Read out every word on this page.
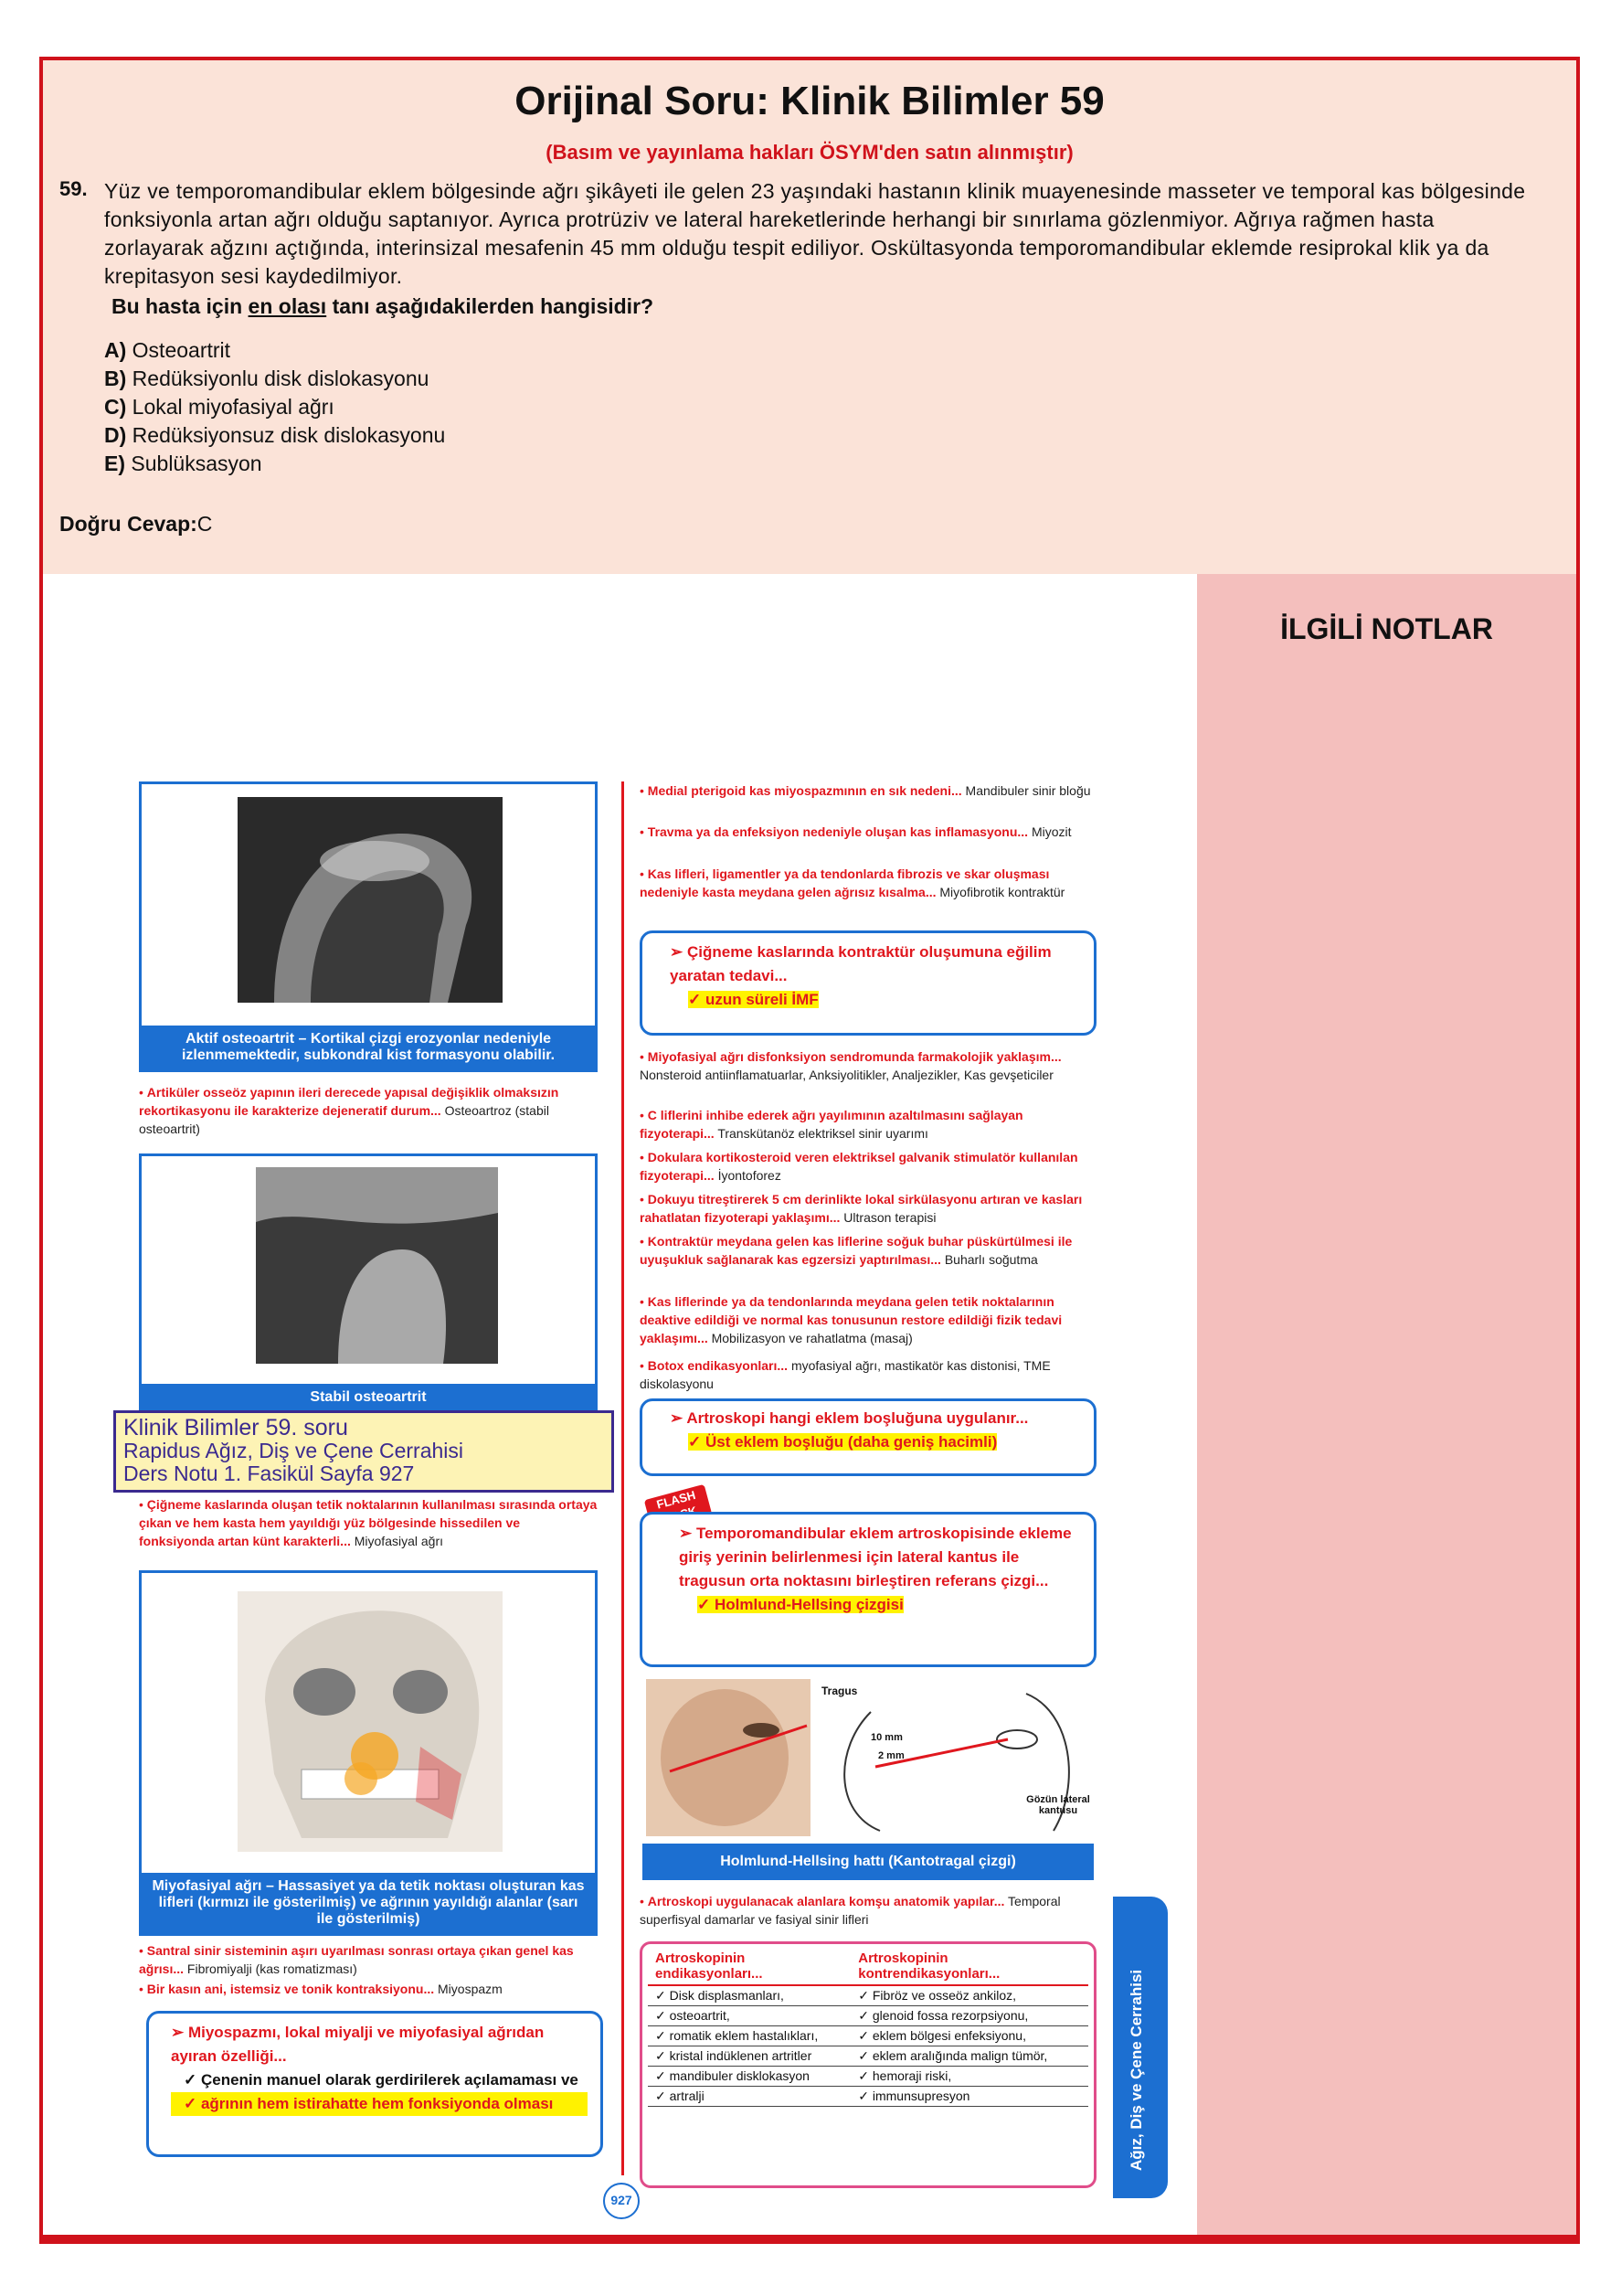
Orijinal Soru: Klinik Bilimler 59
(Basım ve yayınlama hakları ÖSYM'den satın alınmıştır)
59. Yüz ve temporomandibular eklem bölgesinde ağrı şikâyeti ile gelen 23 yaşındaki hastanın klinik muayenesinde masseter ve temporal kas bölgesinde fonksiyonla artan ağrı olduğu saptanıyor. Ayrıca protrüziv ve lateral hareketlerinde herhangi bir sınırlama gözlenmiyor. Ağrıya rağmen hasta zorlayarak ağzını açtığında, interinsizal mesafenin 45 mm olduğu tespit ediliyor. Oskültasyonda temporomandibular eklemde resiprokal klik ya da krepitasyon sesi kaydedilmiyor.
Bu hasta için en olası tanı aşağıdakilerden hangisidir?
A) Osteoartrit
B) Redüksiyonlu disk dislokasyonu
C) Lokal miyofasiyal ağrı
D) Redüksiyonsuz disk dislokasyonu
E) Sublüksasyon
Doğru Cevap:C
İLGİLİ NOTLAR
Aktif osteoartrit – Kortikal çizgi erozyonlar nedeniyle izlenmemektedir, subkondral kist formasyonu olabilir.
• Artiküler osseöz yapının ileri derecede yapısal değişiklik olmaksızın rekortikasyonu ile karakterize dejeneratif durum... Osteoartroz (stabil osteoartrit)
Stabil osteoartrit
Klinik Bilimler 59. soru
Rapidus Ağız, Diş ve Çene Cerrahisi
Ders Notu 1. Fasikül Sayfa 927
• Çiğneme kaslarında oluşan tetik noktalarının kullanılması sırasında ortaya çıkan ve hem kasta hem yayıldığı yüz bölgesinde hissedilen ve fonksiyonda artan künt karakterli... Miyofasiyal ağrı
Miyofasiyal ağrı – Hassasiyet ya da tetik noktası oluşturan kas lifleri (kırmızı ile gösterilmiş) ve ağrının yayıldığı alanlar (sarı ile gösterilmiş)
• Santral sinir sisteminin aşırı uyarılması sonrası ortaya çıkan genel kas ağrısı... Fibromiyalji (kas romatizması)
• Bir kasın ani, istemsiz ve tonik kontraksiyonu... Miyospazm
➢ Miyospazmı, lokal miyalji ve miyofasiyal ağrıdan ayıran özelliği...
✓ Çenenin manuel olarak gerdirilerek açılamaması ve
✓ ağrının hem istirahatte hem fonksiyonda olması
• Medial pterigoid kas miyospazmının en sık nedeni... Mandibuler sinir bloğu
• Travma ya da enfeksiyon nedeniyle oluşan kas inflamasyonu... Miyozit
• Kas lifleri, ligamentler ya da tendonlarda fibrozis ve skar oluşması nedeniyle kasta meydana gelen ağrısız kısalma... Miyofibrotik kontraktür
➢ Çiğneme kaslarında kontraktür oluşumuna eğilim yaratan tedavi...
✓ uzun süreli İMF
• Miyofasiyal ağrı disfonksiyon sendromunda farmakolojik yaklaşım... Nonsteroid antiinflamatuarlar, Anksiyolitikler, Analjezikler, Kas gevşeticiler
• C liflerini inhibe ederek ağrı yayılımının azaltılmasını sağlayan fizyoterapi... Transkütanöz elektriksel sinir uyarımı
• Dokulara kortikosteroid veren elektriksel galvanik stimulatör kullanılan fizyoterapi... İyontoforez
• Dokuyu titreştirerek 5 cm derinlikte lokal sirkülasyonu artıran ve kasları rahatlatan fizyoterapi yaklaşımı... Ultrason terapisi
• Kontraktür meydana gelen kas liflerine soğuk buhar püskürtülmesi ile uyuşukluk sağlanarak kas egzersizi yaptırılması... Buharlı soğutma
• Kas liflerinde ya da tendonlarında meydana gelen tetik noktalarının deaktive edildiği ve normal kas tonusunun restore edildiği fizik tedavi yaklaşımı... Mobilizasyon ve rahatlatma (masaj)
• Botox endikasyonları... myofasiyal ağrı, mastikatör kas distonisi, TME diskolasyonu
➢ Artroskopi hangi eklem boşluğuna uygulanır...
✓ Üst eklem boşluğu (daha geniş hacimli)
FLASH
➢ Temporomandibular eklem artroskopisinde ekleme giriş yerinin belirlenmesi için lateral kantus ile tragusun orta noktasını birleştiren referans çizgi...
✓ Holmlund-Hellsing çizgisi
Tragus
10 mm
2 mm
Gözün lateral kantusu
Holmlund-Hellsing hattı (Kantotragal çizgi)
• Artroskopi uygulanacak alanlara komşu anatomik yapılar... Temporal superfisyal damarlar ve fasiyal sinir lifleri
Artroskopinin endikasyonları...	Artroskopinin kontrendikasyonları...
✓ Disk displasmanları,	✓ Fibröz ve osseöz ankiloz,
✓ osteoartrit,	✓ glenoid fossa rezorpsiyonu,
✓ romatik eklem hastalıkları,	✓ eklem bölgesi enfeksiyonu,
✓ kristal indüklenen artritler	✓ eklem aralığında malign tümör,
✓ mandibuler disklokasyon	✓ hemoraji riski,
✓ artralji	✓ immunsupresyon	Ağız, Diş ve Çene Cerrahisi
927
